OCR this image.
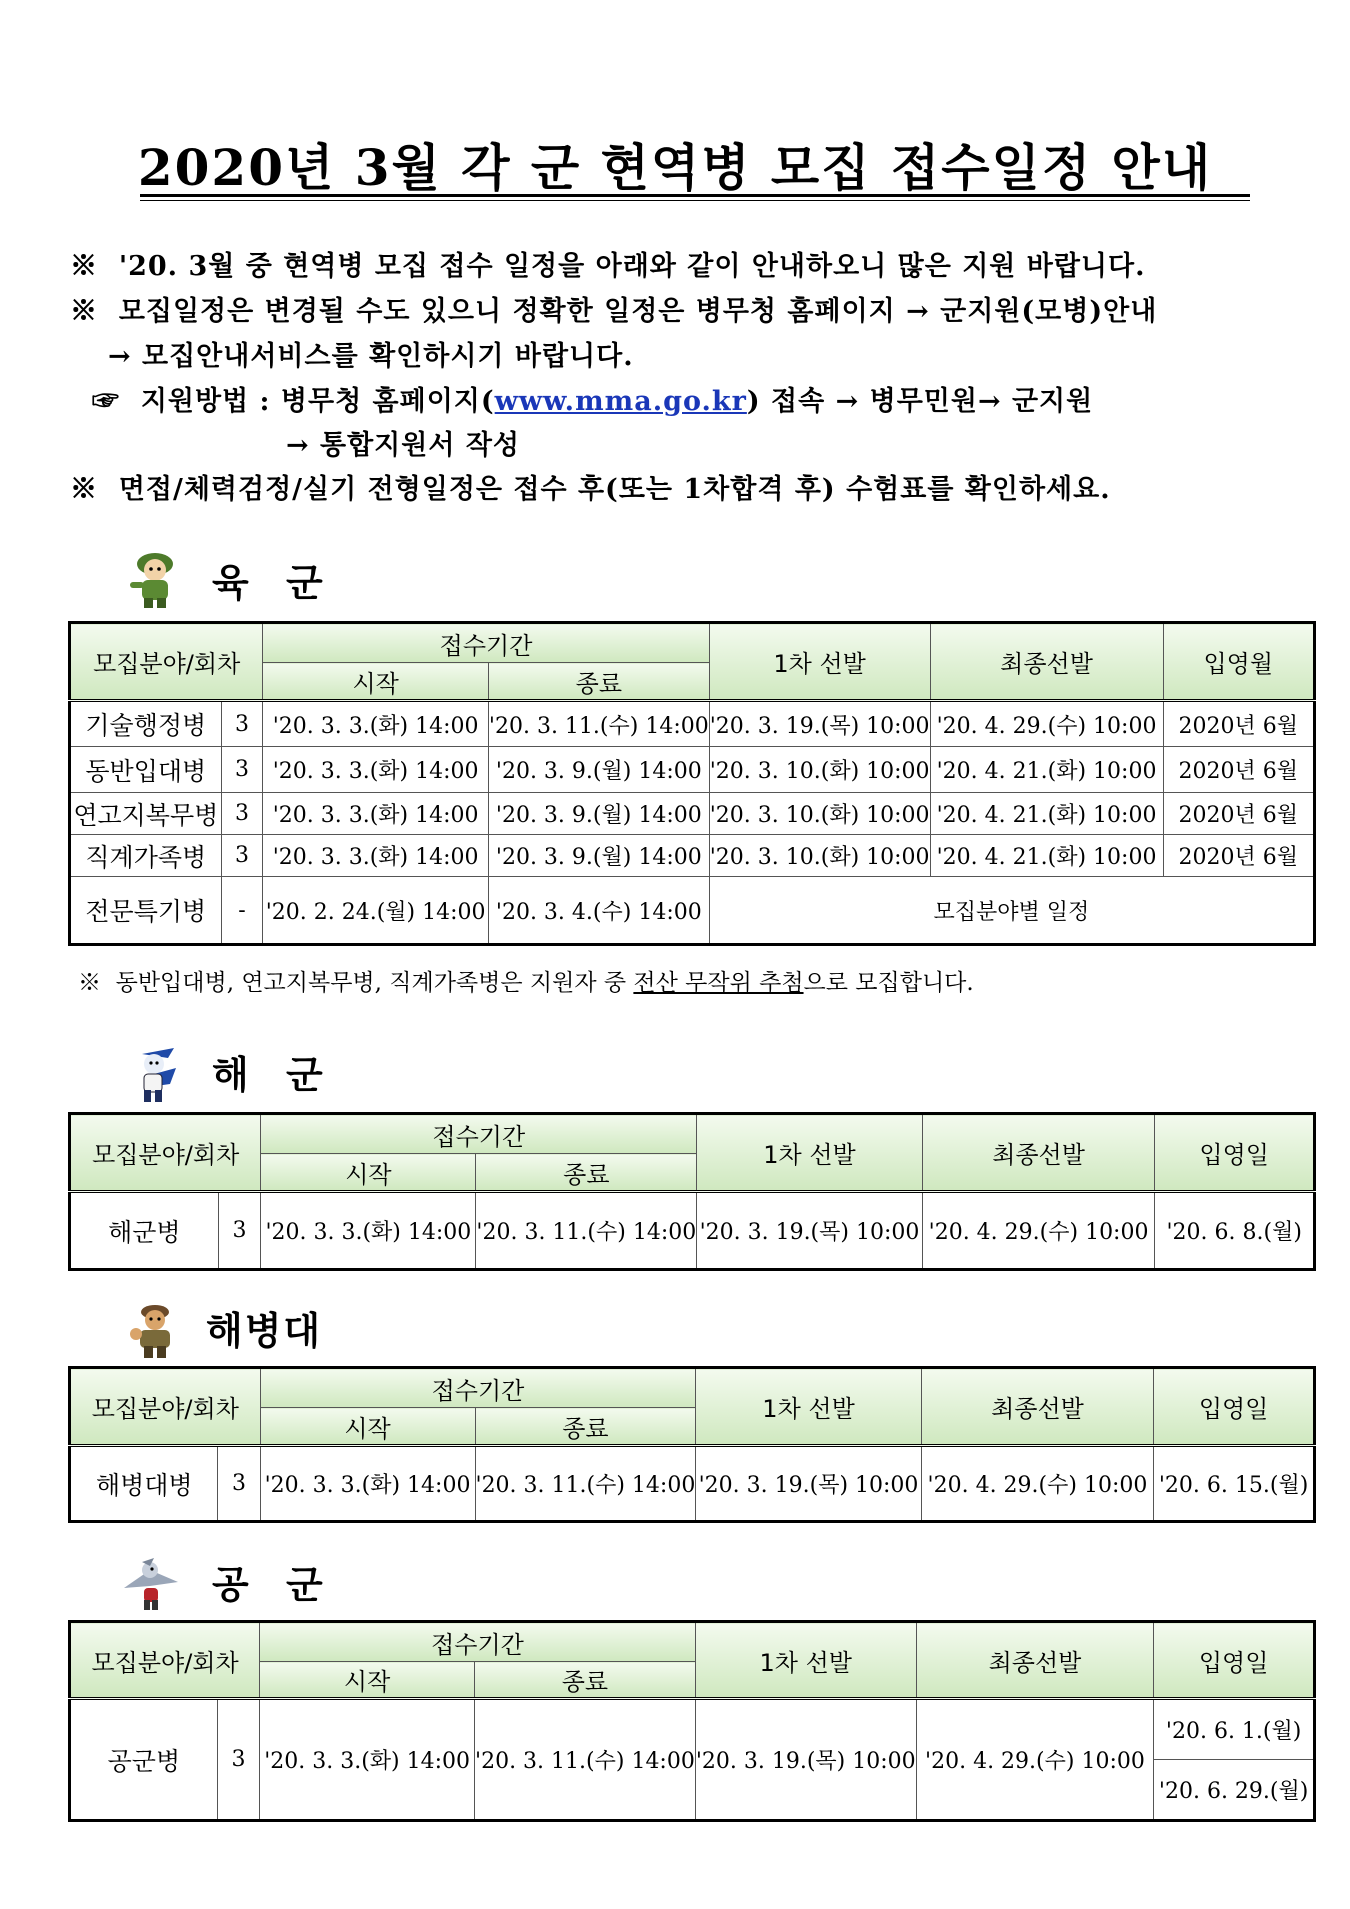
2020년 3월 각 군 현역병 모집 접수일정 안내
※ '20. 3월 중 현역병 모집 접수 일정을 아래와 같이 안내하오니 많은 지원 바랍니다.
※ 모집일정은 변경될 수도 있으니 정확한 일정은 병무청 홈페이지 → 군지원(모병)안내
→ 모집안내서비스를 확인하시기 바랍니다.
☞ 지원방법 : 병무청 홈페이지(www.mma.go.kr) 접속 → 병무민원→ 군지원
→ 통합지원서 작성
※ 면접/체력검정/실기 전형일정은 접수 후(또는 1차합격 후) 수험표를 확인하세요.
육 군
모집분야/회차		접수기간		1차 선발	최종선발	입영월
		시작	종료			
기술행정병	3	'20. 3. 3.(화) 14:00	'20. 3. 11.(수) 14:00	'20. 3. 19.(목) 10:00	'20. 4. 29.(수) 10:00	2020년 6월
동반입대병	3	'20. 3. 3.(화) 14:00	'20. 3. 9.(월) 14:00	'20. 3. 10.(화) 10:00	'20. 4. 21.(화) 10:00	2020년 6월
연고지복무병	3	'20. 3. 3.(화) 14:00	'20. 3. 9.(월) 14:00	'20. 3. 10.(화) 10:00	'20. 4. 21.(화) 10:00	2020년 6월
직계가족병	3	'20. 3. 3.(화) 14:00	'20. 3. 9.(월) 14:00	'20. 3. 10.(화) 10:00	'20. 4. 21.(화) 10:00	2020년 6월
전문특기병	-	'20. 2. 24.(월) 14:00	'20. 3. 4.(수) 14:00	모집분야별 일정		
※ 동반입대병, 연고지복무병, 직계가족병은 지원자 중 전산 무작위 추첨으로 모집합니다.
해 군
모집분야/회차		접수기간		1차 선발	최종선발	입영일
		시작	종료			
해군병	3	'20. 3. 3.(화) 14:00	'20. 3. 11.(수) 14:00	'20. 3. 19.(목) 10:00	'20. 4. 29.(수) 10:00	'20. 6. 8.(월)
해병대
모집분야/회차		접수기간		1차 선발	최종선발	입영일
		시작	종료			
해병대병	3	'20. 3. 3.(화) 14:00	'20. 3. 11.(수) 14:00	'20. 3. 19.(목) 10:00	'20. 4. 29.(수) 10:00	'20. 6. 15.(월)
공 군
모집분야/회차		접수기간		1차 선발	최종선발	입영일
		시작	종료			
공군병	3	'20. 3. 3.(화) 14:00	'20. 3. 11.(수) 14:00	'20. 3. 19.(목) 10:00	'20. 4. 29.(수) 10:00	'20. 6. 1.(월)
						'20. 6. 29.(월)
